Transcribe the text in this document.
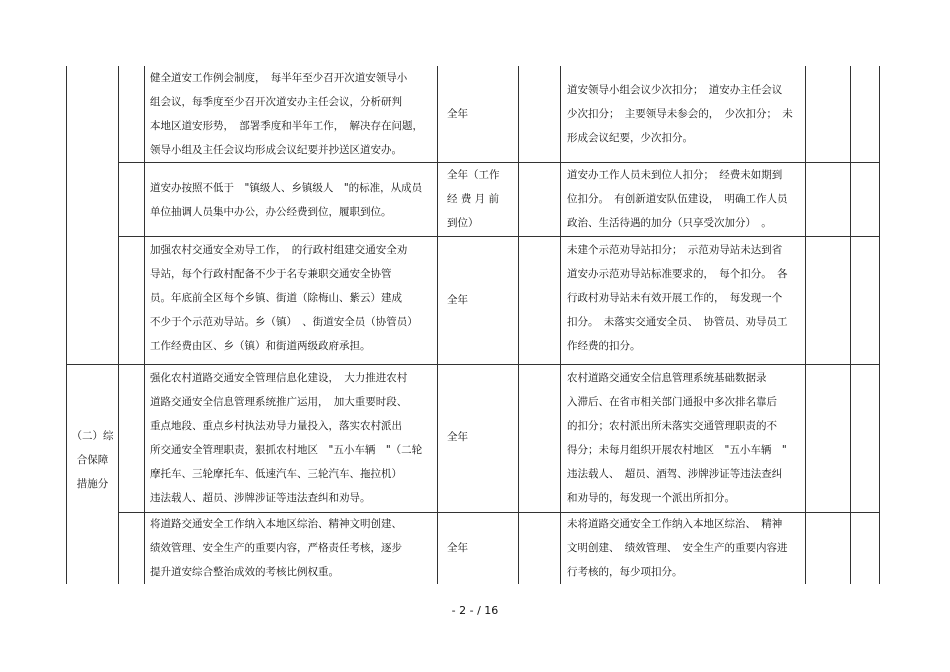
健全道安工作例会制度，　每半年至少召开次道安领导小
组会议，每季度至少召开次道安办主任会议，分析研判
本地区道安形势，　部署季度和半年工作，　解决存在问题，
领导小组及主任会议均形成会议纪要并抄送区道安办。
全年
道安领导小组会议少次扣分；　道安办主任会议
少次扣分；　主要领导未参会的，　少次扣分；　未
形成会议纪要，少次扣分。
道安办按照不低于　"镇级人、乡镇级人　"的标准，从成员
单位抽调人员集中办公，办公经费到位，履职到位。
全年（工作
经 费 月 前
到位）
道安办工作人员未到位人扣分；　经费未如期到
位扣分。　有创新道安队伍建设，　明确工作人员
政治、生活待遇的加分（只享受次加分）　。
加强农村交通安全劝导工作，　的行政村组建交通安全劝
导站，每个行政村配备不少于名专兼职交通安全协管
员。年底前全区每个乡镇、街道（除梅山、紫云）建成
不少于个示范劝导站。乡（镇）　、街道安全员（协管员）
工作经费由区、乡（镇）和街道两级政府承担。
全年
未建个示范劝导站扣分；　示范劝导站未达到省
道安办示范劝导站标准要求的，　每个扣分。　各
行政村劝导站未有效开展工作的，　每发现一个
扣分。　未落实交通安全员、　协管员、劝导员工
作经费的扣分。
（二）综
合保障
措施分
强化农村道路交通安全管理信息化建设，　大力推进农村
道路交通安全信息管理系统推广运用，　加大重要时段、
重点地段、重点乡村执法劝导力量投入，落实农村派出
所交通安全管理职责，狠抓农村地区　"五小车辆　"（二轮
摩托车、三轮摩托车、低速汽车、三轮汽车、拖拉机）
违法载人、超员、涉牌涉证等违法查纠和劝导。
全年
农村道路交通安全信息管理系统基础数据录
入滞后、在省市相关部门通报中多次排名靠后
的扣分；农村派出所未落实交通管理职责的不
得分；未每月组织开展农村地区　"五小车辆　"
违法载人、　超员、酒驾、涉牌涉证等违法查纠
和劝导的，每发现一个派出所扣分。
将道路交通安全工作纳入本地区综治、精神文明创建、
绩效管理、安全生产的重要内容，严格责任考核，逐步
提升道安综合整治成效的考核比例权重。
全年
未将道路交通安全工作纳入本地区综治、　精神
文明创建、　绩效管理、　安全生产的重要内容进
行考核的，每少项扣分。
- 2 - / 16
